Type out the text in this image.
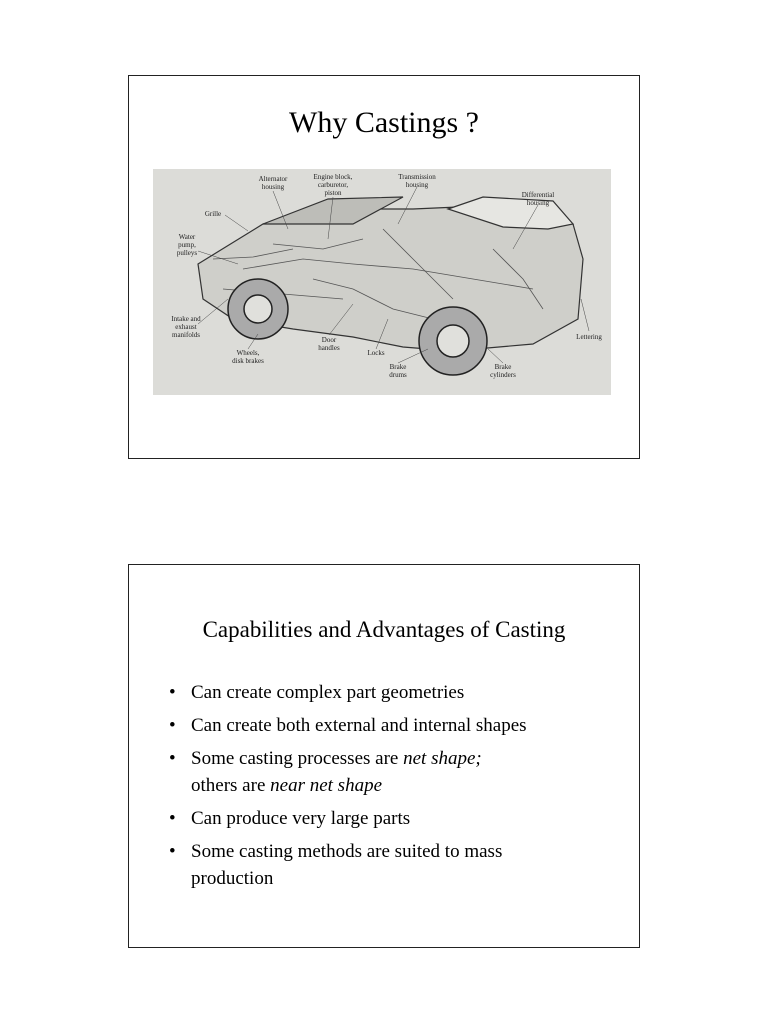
Why Castings ?
Alternator housing
Engine block, carburetor, piston
Transmission housing
Differential housing
Grille
Water pump, pulleys
Intake and exhaust manifolds
Wheels, disk brakes
Door handles
Locks
Brake drums
Brake cylinders
Lettering
Capabilities and Advantages of Casting
• Can create complex part geometries
• Can create both external and internal shapes
• Some casting processes are net shape;
others are near net shape
• Can produce very large parts
• Some casting methods are suited to mass
production
